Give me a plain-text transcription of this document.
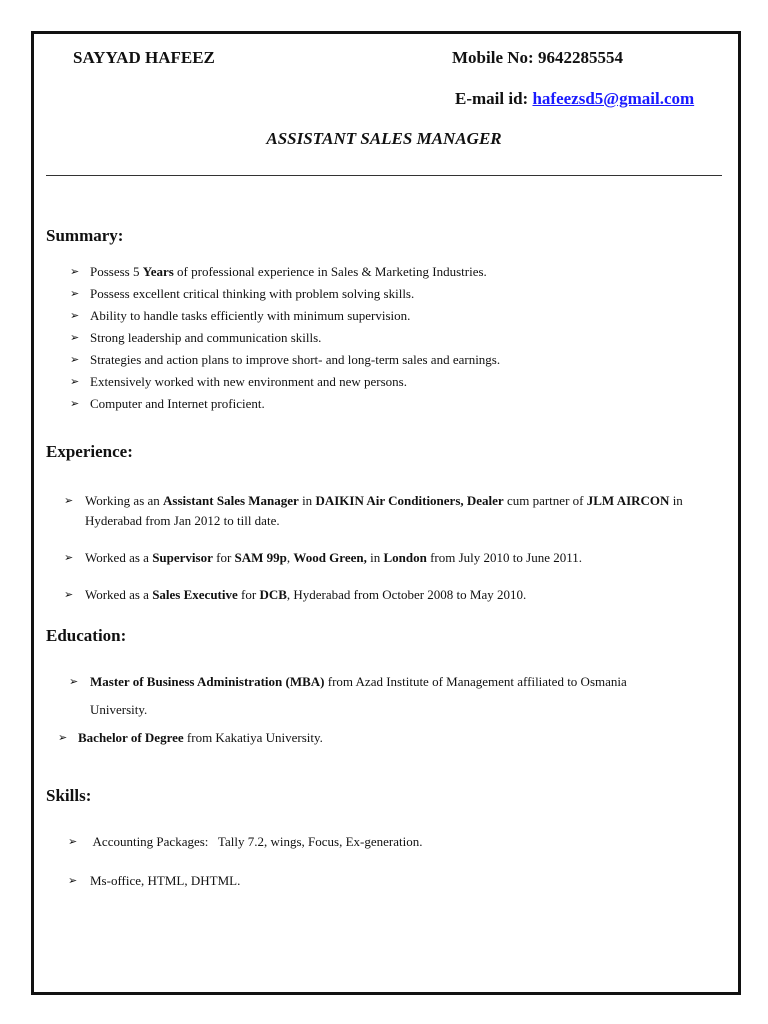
SAYYAD HAFEEZ	Mobile No: 9642285554
E-mail id: hafeezsd5@gmail.com
ASSISTANT SALES MANAGER
Summary:
➢ Possess 5 Years of professional experience in Sales & Marketing Industries.
➢ Possess excellent critical thinking with problem solving skills.
➢ Ability to handle tasks efficiently with minimum supervision.
➢ Strong leadership and communication skills.
➢ Strategies and action plans to improve short- and long-term sales and earnings.
➢ Extensively worked with new environment and new persons.
➢ Computer and Internet proficient.
Experience:
➢ Working as an Assistant Sales Manager in DAIKIN Air Conditioners, Dealer cum partner of JLM AIRCON in Hyderabad from Jan 2012 to till date.
➢ Worked as a Supervisor for SAM 99p, Wood Green, in London from July 2010 to June 2011.
➢ Worked as a Sales Executive for DCB, Hyderabad from October 2008 to May 2010.
Education:
➢ Master of Business Administration (MBA) from Azad Institute of Management affiliated to Osmania
University.
➢ Bachelor of Degree from Kakatiya University.
Skills:
➢ Accounting Packages:   Tally 7.2, wings, Focus, Ex-generation.
➢ Ms-office, HTML, DHTML.
